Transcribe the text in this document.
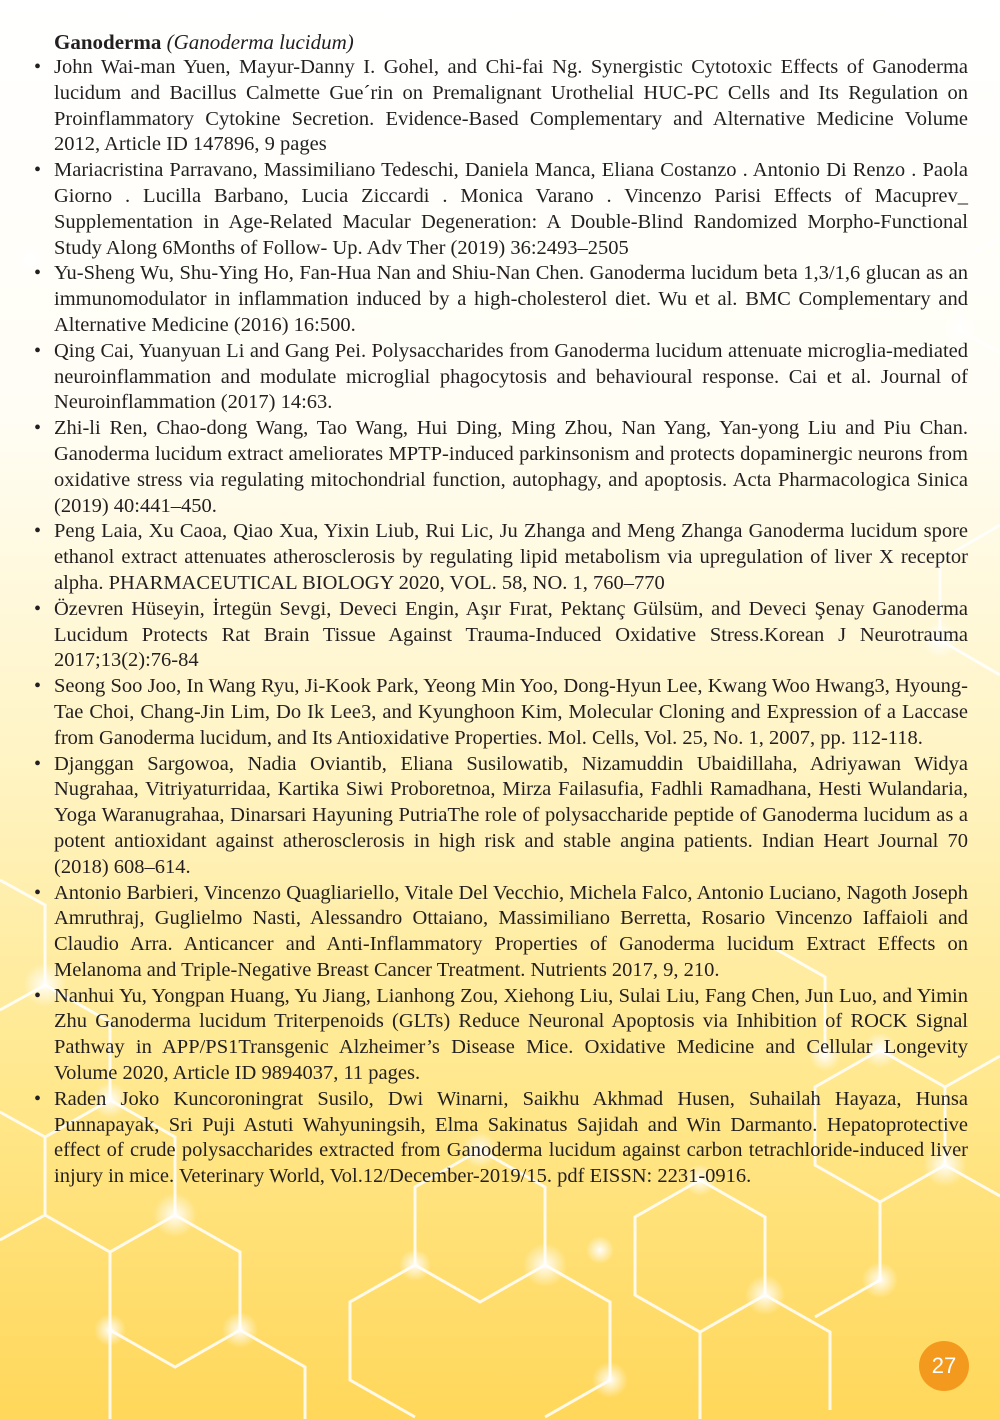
Ganoderma (Ganoderma lucidum)
• John Wai-man Yuen, Mayur-Danny I. Gohel, and Chi-fai Ng. Synergistic Cytotoxic Effects of Ganoderma lucidum and Bacillus Calmette Gue´rin on Premalignant Urothelial HUC-PC Cells and Its Regulation on Proinflammatory Cytokine Secretion. Evidence-Based Complementary and Alternative Medicine Volume 2012, Article ID 147896, 9 pages
• Mariacristina Parravano, Massimiliano Tedeschi, Daniela Manca, Eliana Costanzo . Antonio Di Renzo . Paola Giorno . Lucilla Barbano, Lucia Ziccardi . Monica Varano . Vincenzo Parisi Effects of Macuprev_ Supplementation in Age-Related Macular Degeneration: A Double-Blind Randomized Morpho-Functional Study Along 6Months of Follow- Up. Adv Ther (2019) 36:2493–2505
• Yu-Sheng Wu, Shu-Ying Ho, Fan-Hua Nan and Shiu-Nan Chen. Ganoderma lucidum beta 1,3/1,6 glucan as an immunomodulator in inflammation induced by a high-cholesterol diet. Wu et al. BMC Complementary and Alternative Medicine (2016) 16:500.
• Qing Cai, Yuanyuan Li and Gang Pei. Polysaccharides from Ganoderma lucidum attenuate microglia-mediated neuroinflammation and modulate microglial phagocytosis and behavioural response. Cai et al. Journal of Neuroinflammation (2017) 14:63.
• Zhi-li Ren, Chao-dong Wang, Tao Wang, Hui Ding, Ming Zhou, Nan Yang, Yan-yong Liu and Piu Chan. Ganoderma lucidum extract ameliorates MPTP-induced parkinsonism and protects dopaminergic neurons from oxidative stress via regulating mitochondrial function, autophagy, and apoptosis. Acta Pharmacologica Sinica (2019) 40:441–450.
• Peng Laia, Xu Caoa, Qiao Xua, Yixin Liub, Rui Lic, Ju Zhanga and Meng Zhanga Ganoderma lucidum spore ethanol extract attenuates atherosclerosis by regulating lipid metabolism via upregulation of liver X receptor alpha. PHARMACEUTICAL BIOLOGY 2020, VOL. 58, NO. 1, 760–770
• Özevren Hüseyin, İrtegün Sevgi, Deveci Engin, Aşır Fırat, Pektanç Gülsüm, and Deveci Şenay Ganoderma Lucidum Protects Rat Brain Tissue Against Trauma-Induced Oxidative Stress.Korean J Neurotrauma 2017;13(2):76-84
• Seong Soo Joo, In Wang Ryu, Ji-Kook Park, Yeong Min Yoo, Dong-Hyun Lee, Kwang Woo Hwang3, Hyoung-Tae Choi, Chang-Jin Lim, Do Ik Lee3, and Kyunghoon Kim, Molecular Cloning and Expression of a Laccase from Ganoderma lucidum, and Its Antioxidative Properties. Mol. Cells, Vol. 25, No. 1, 2007, pp. 112-118.
• Djanggan Sargowoa, Nadia Oviantib, Eliana Susilowatib, Nizamuddin Ubaidillaha, Adriyawan Widya Nugrahaa, Vitriyaturridaa, Kartika Siwi Proboretnoa, Mirza Failasufia, Fadhli Ramadhana, Hesti Wulandaria, Yoga Waranugrahaa, Dinarsari Hayuning PutriaThe role of polysaccharide peptide of Ganoderma lucidum as a potent antioxidant against atherosclerosis in high risk and stable angina patients. Indian Heart Journal 70 (2018) 608–614.
• Antonio Barbieri, Vincenzo Quagliariello, Vitale Del Vecchio, Michela Falco, Antonio Luciano, Nagoth Joseph Amruthraj, Guglielmo Nasti, Alessandro Ottaiano, Massimiliano Berretta, Rosario Vincenzo Iaffaioli and Claudio Arra. Anticancer and Anti-Inflammatory Properties of Ganoderma lucidum Extract Effects on Melanoma and Triple-Negative Breast Cancer Treatment. Nutrients 2017, 9, 210.
• Nanhui Yu, Yongpan Huang, Yu Jiang, Lianhong Zou, Xiehong Liu, Sulai Liu, Fang Chen, Jun Luo, and Yimin Zhu Ganoderma lucidum Triterpenoids (GLTs) Reduce Neuronal Apoptosis via Inhibition of ROCK Signal Pathway in APP/PS1Transgenic Alzheimer’s Disease Mice. Oxidative Medicine and Cellular Longevity Volume 2020, Article ID 9894037, 11 pages.
• Raden Joko Kuncoroningrat Susilo, Dwi Winarni, Saikhu Akhmad Husen, Suhailah Hayaza, Hunsa Punnapayak, Sri Puji Astuti Wahyuningsih, Elma Sakinatus Sajidah and Win Darmanto. Hepatoprotective effect of crude polysaccharides extracted from Ganoderma lucidum against carbon tetrachloride-induced liver injury in mice. Veterinary World, Vol.12/December-2019/15. pdf EISSN: 2231-0916.
27
